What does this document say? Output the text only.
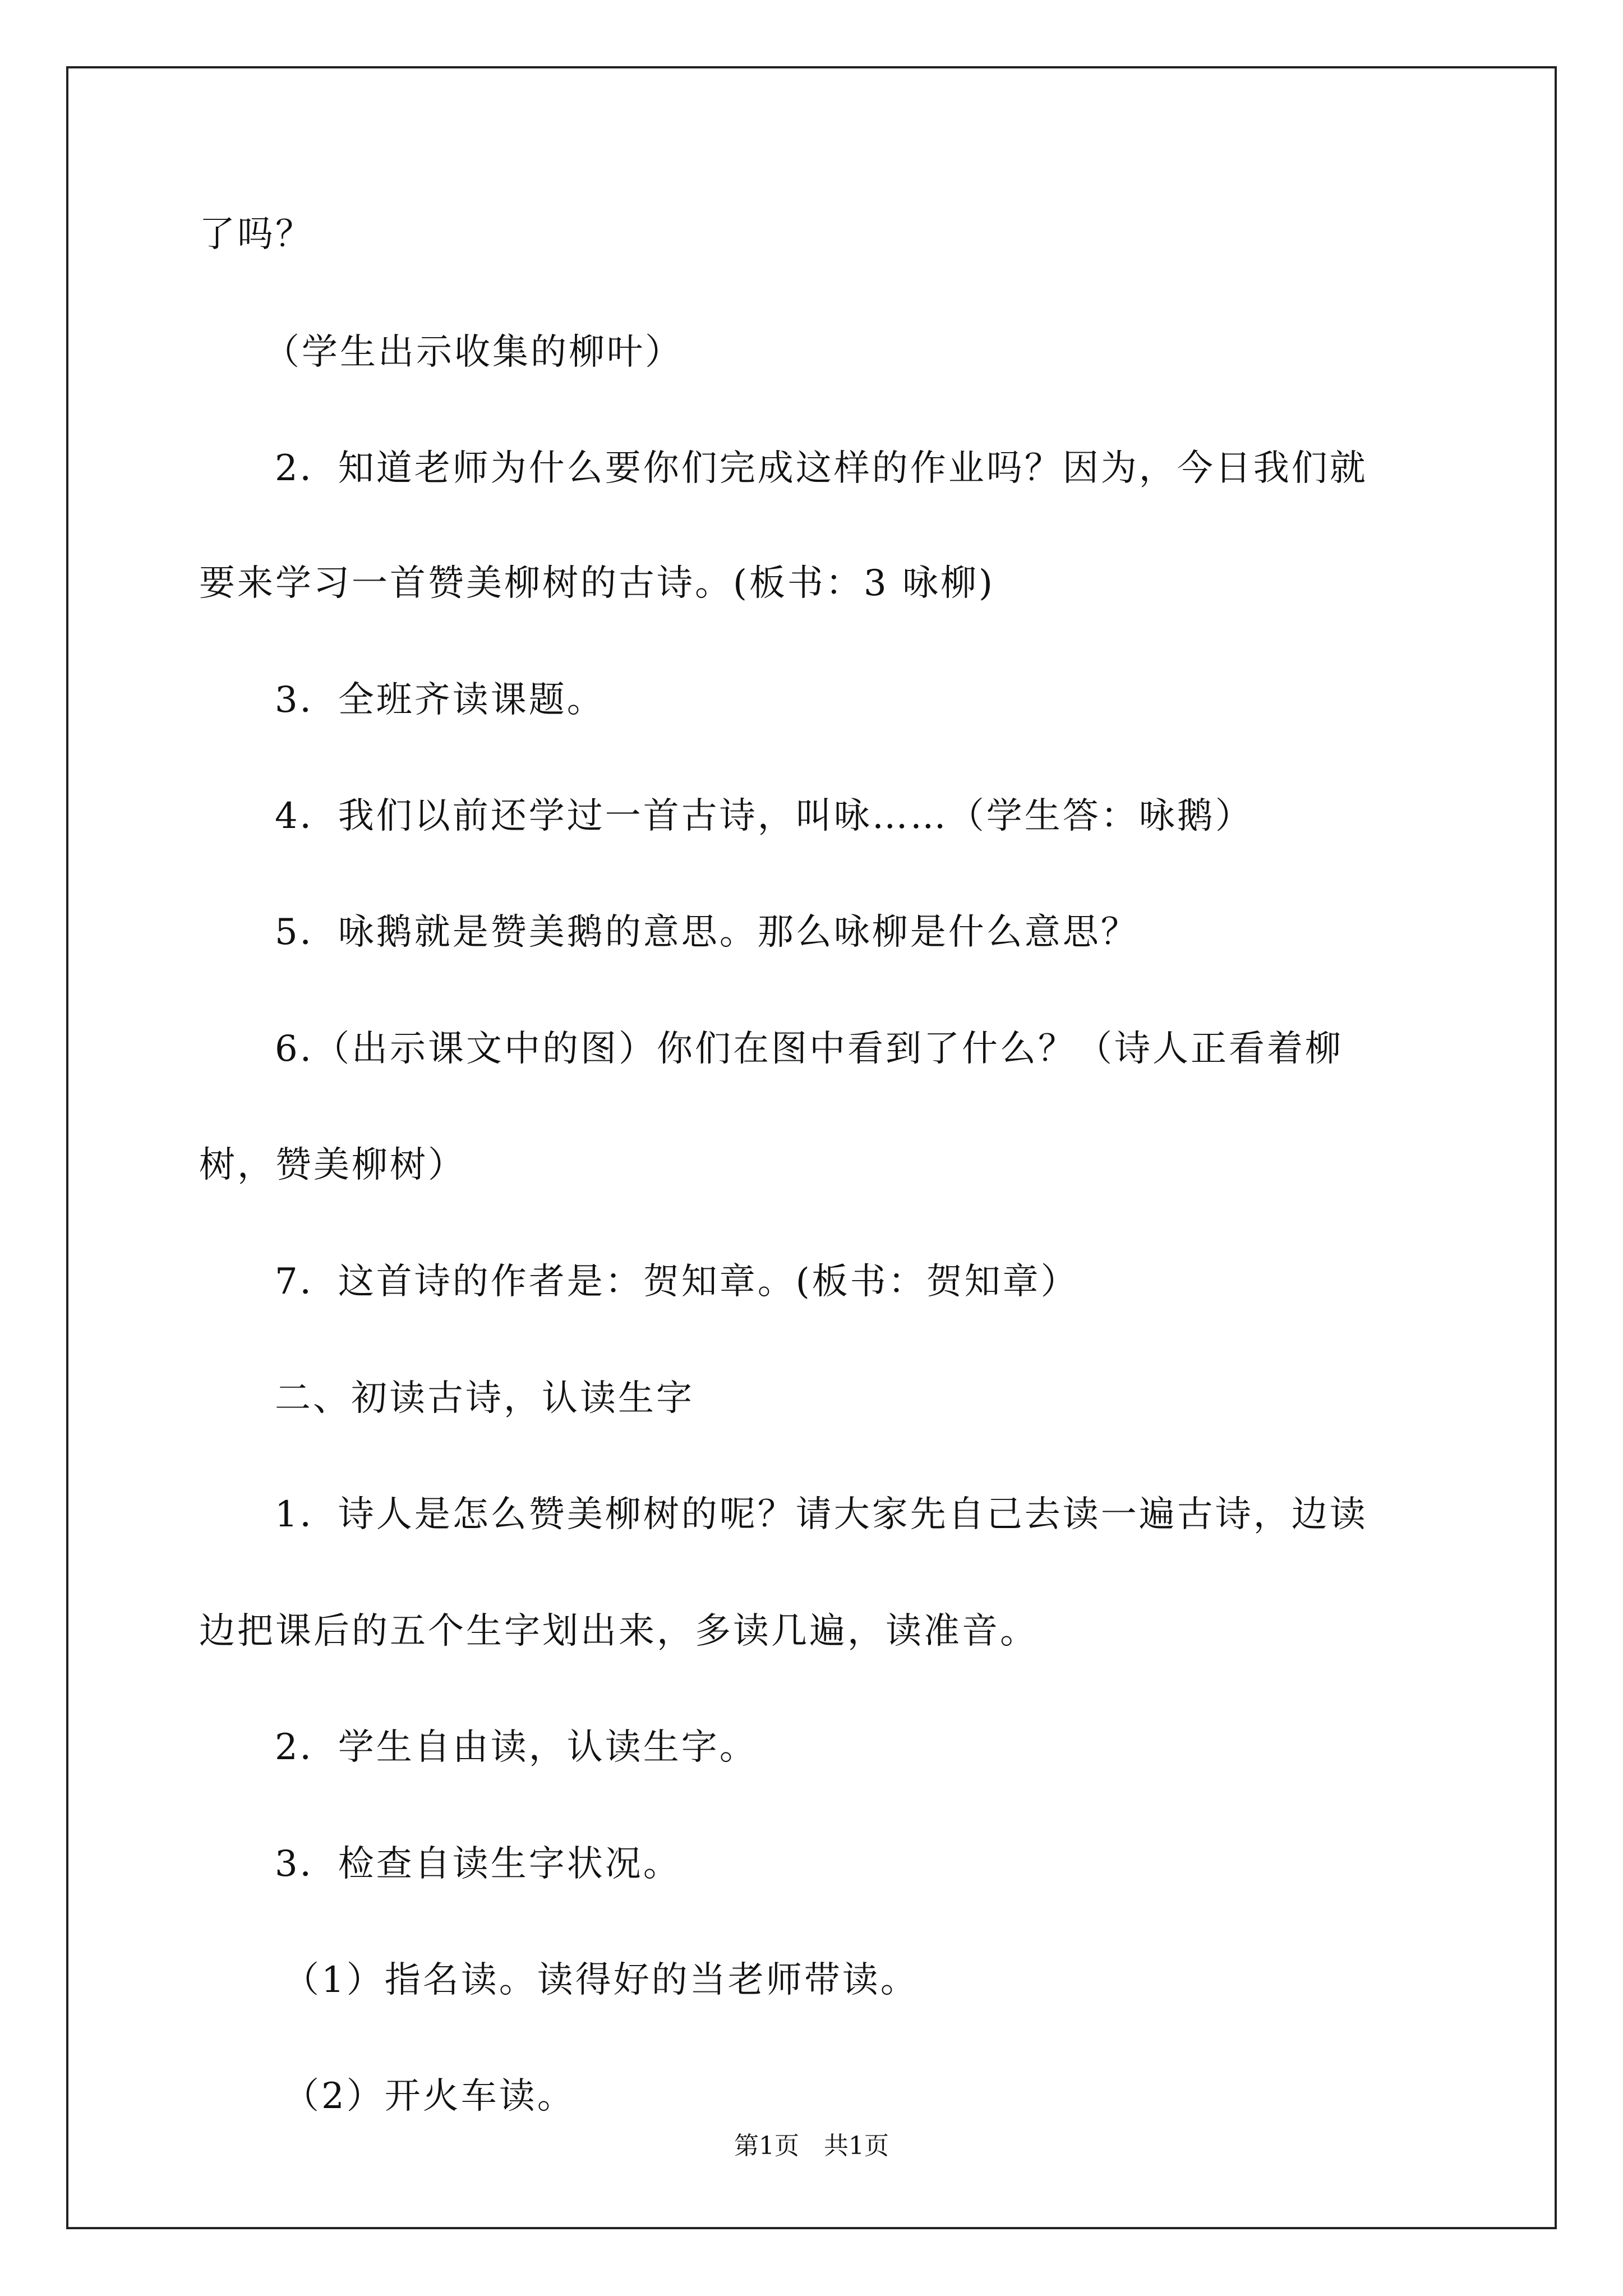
了吗？
（学生出示收集的柳叶）
2．知道老师为什么要你们完成这样的作业吗？因为，今日我们就
要来学习一首赞美柳树的古诗。(板书：3 咏柳)
3．全班齐读课题。
4．我们以前还学过一首古诗，叫咏……（学生答：咏鹅）
5．咏鹅就是赞美鹅的意思。那么咏柳是什么意思？
6.（出示课文中的图）你们在图中看到了什么？（诗人正看着柳
树，赞美柳树）
7．这首诗的作者是：贺知章。(板书：贺知章）
二、初读古诗，认读生字
1．诗人是怎么赞美柳树的呢？请大家先自己去读一遍古诗，边读
边把课后的五个生字划出来，多读几遍，读准音。
2．学生自由读，认读生字。
3．检查自读生字状况。
（1）指名读。读得好的当老师带读。
（2）开火车读。
第1页　共1页
